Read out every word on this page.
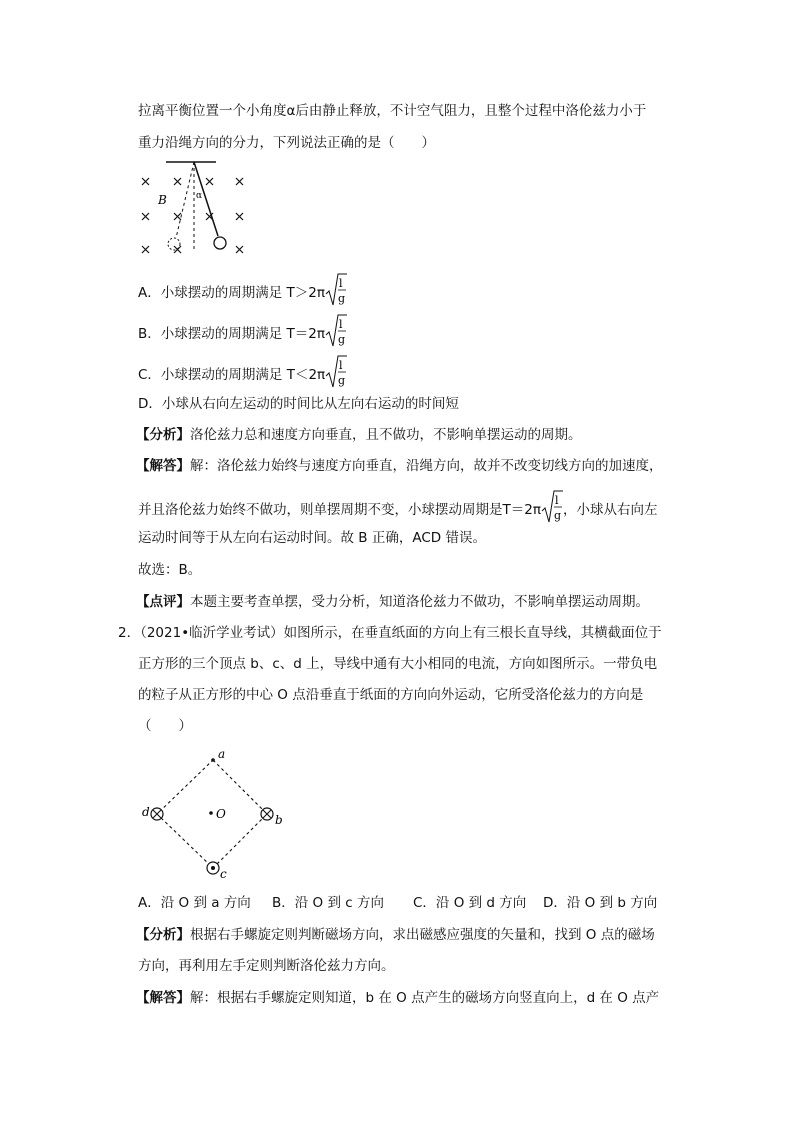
拉离平衡位置一个小角度α后由静止释放，不计空气阻力，且整个过程中洛伦兹力小于
重力沿绳方向的分力，下列说法正确的是（　　）
B	α
A．小球摆动的周期满足 T＞2π
l
g
B．小球摆动的周期满足 T＝2π
l
g
C．小球摆动的周期满足 T＜2π
l
g
D．小球从右向左运动的时间比从左向右运动的时间短
【分析】洛伦兹力总和速度方向垂直，且不做功，不影响单摆运动的周期。
【解答】解：洛伦兹力始终与速度方向垂直，沿绳方向，故并不改变切线方向的加速度，
并且洛伦兹力始终不做功，则单摆周期不变，小球摆动周期是T＝2π
l
g ，小球从右向左
运动时间等于从左向右运动时间。故 B 正确，ACD 错误。
故选：B。
【点评】本题主要考查单摆，受力分析，知道洛伦兹力不做功，不影响单摆运动周期。
2．（2021•临沂学业考试）如图所示，在垂直纸面的方向上有三根长直导线，其横截面位于
正方形的三个顶点 b、c、d 上，导线中通有大小相同的电流，方向如图所示。一带负电
的粒子从正方形的中心 O 点沿垂直于纸面的方向向外运动，它所受洛伦兹力的方向是
（　　）
a
b
c
d	O
A．沿 O 到 a 方向 B．沿 O 到 c 方向 C．沿 O 到 d 方向 D．沿 O 到 b 方向
【分析】根据右手螺旋定则判断磁场方向，求出磁感应强度的矢量和，找到 O 点的磁场
方向，再利用左手定则判断洛伦兹力方向。
【解答】解：根据右手螺旋定则知道，b 在 O 点产生的磁场方向竖直向上，d 在 O 点产
